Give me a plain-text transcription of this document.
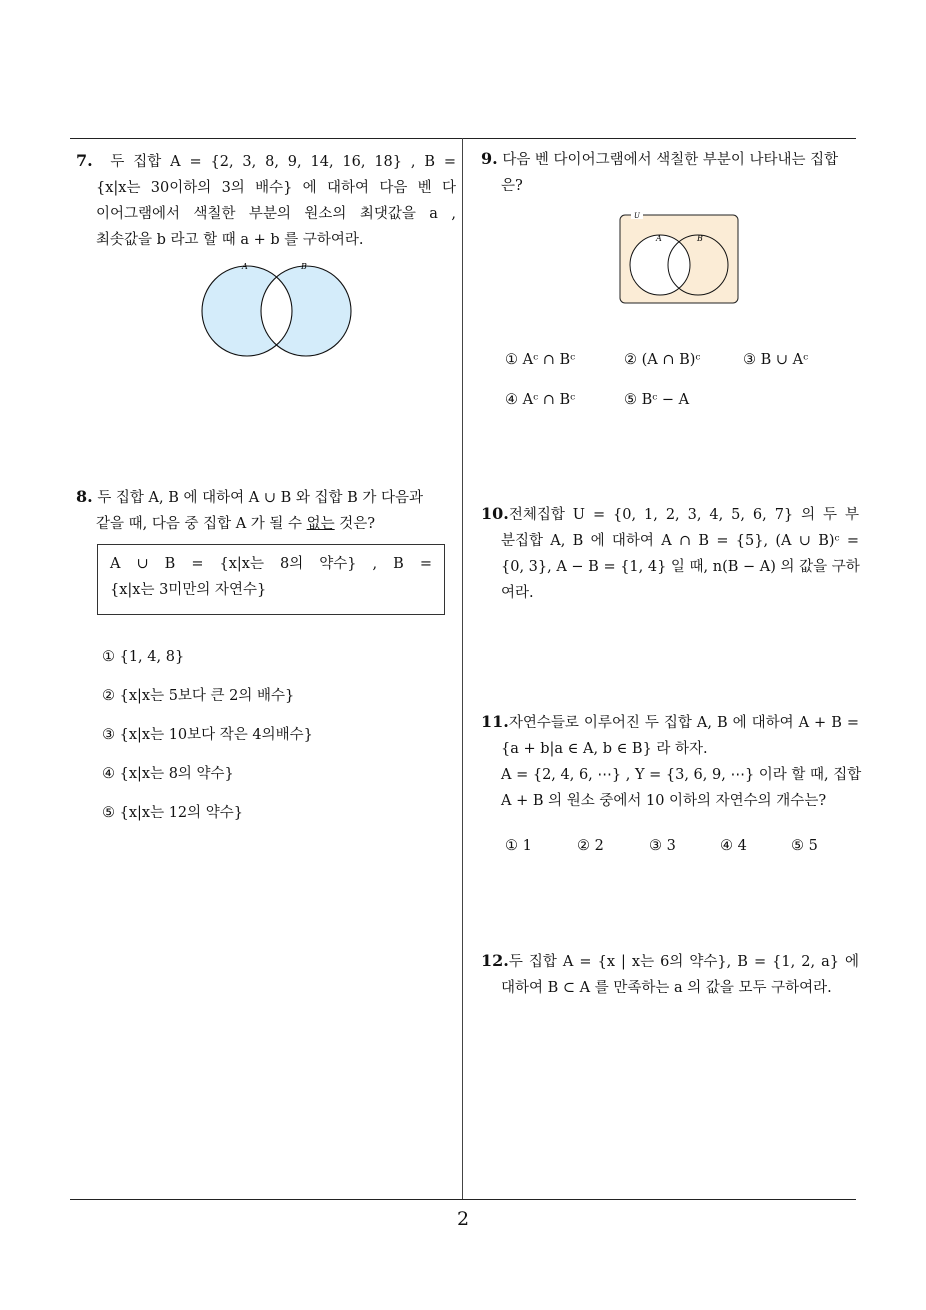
7. 두 집합 A = {2, 3, 8, 9, 14, 16, 18} , B =
{x|x는 30이하의 3의 배수} 에 대하여 다음 벤 다
이어그램에서 색칠한 부분의 원소의 최댓값을 a ,
최솟값을 b 라고 할 때 a + b 를 구하여라.
A	B
8. 두 집합 A, B 에 대하여 A ∪ B 와 집합 B 가 다음과
같을 때, 다음 중 집합 A 가 될 수 없는 것은?
A ∪ B = {x|x는 8의 약수} , B =
{x|x는 3미만의 자연수}
① {1, 4, 8}
② {x|x는 5보다 큰 2의 배수}
③ {x|x는 10보다 작은 4의배수}
④ {x|x는 8의 약수}
⑤ {x|x는 12의 약수}
9. 다음 벤 다이어그램에서 색칠한 부분이 나타내는 집합
은?
U
A	B
① Aᶜ ∩ Bᶜ	② (A ∩ B)ᶜ	③ B ∪ Aᶜ
④ Aᶜ ∩ Bᶜ	⑤ Bᶜ − A
10.전체집합 U = {0, 1, 2, 3, 4, 5, 6, 7} 의 두 부
분집합 A, B 에 대하여 A ∩ B = {5}, (A ∪ B)ᶜ =
{0, 3}, A − B = {1, 4} 일 때, n(B − A) 의 값을 구하
여라.
11.자연수들로 이루어진 두 집합 A, B 에 대하여 A + B =
{a + b|a ∈ A, b ∈ B} 라 하자.
A = {2, 4, 6, ⋯} , Y = {3, 6, 9, ⋯} 이라 할 때, 집합
A + B 의 원소 중에서 10 이하의 자연수의 개수는?
① 1	② 2	③ 3	④ 4	⑤ 5
12.두 집합 A = {x | x는 6의 약수}, B = {1, 2, a} 에
대하여 B ⊂ A 를 만족하는 a 의 값을 모두 구하여라.
2
